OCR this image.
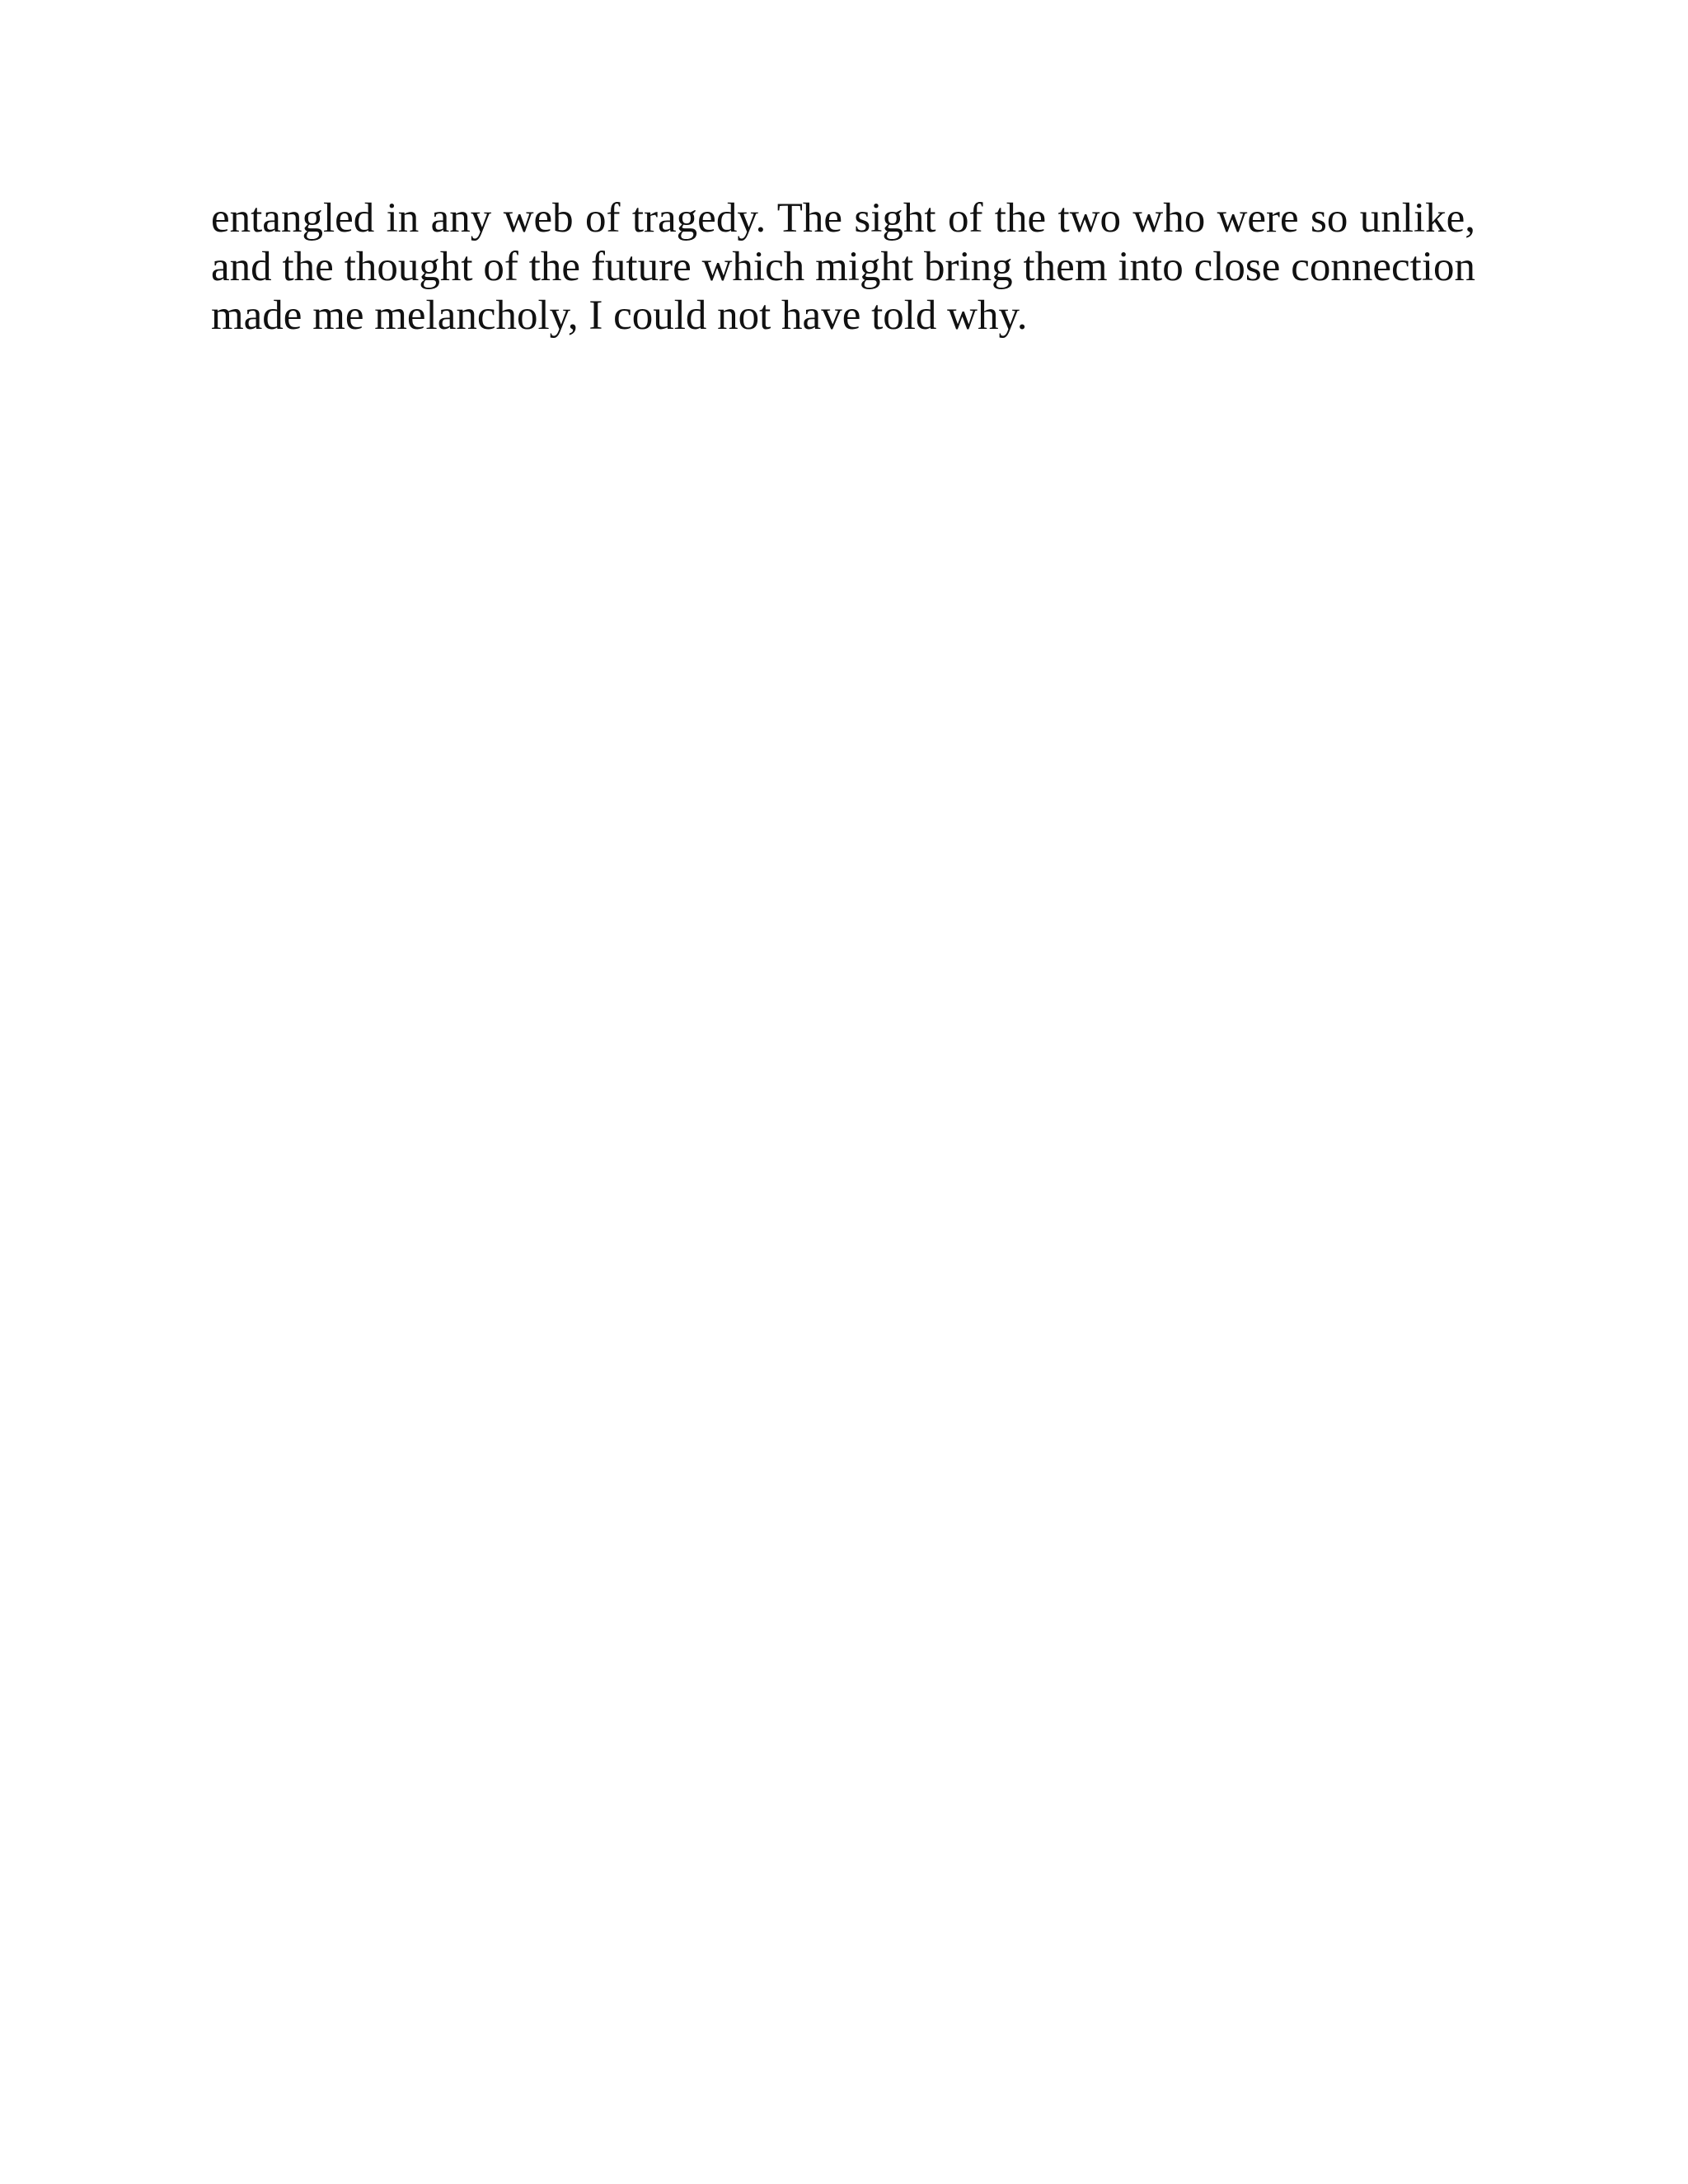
entangled in any web of tragedy. The sight of the two who were so unlike,
and the thought of the future which might bring them into close connection
made me melancholy, I could not have told why.
